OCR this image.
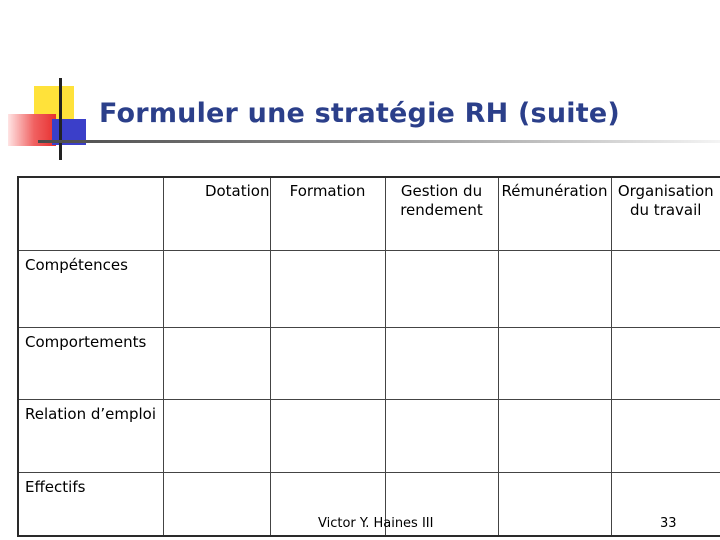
Formuler une stratégie RH (suite)
	Dotation	Formation	Gestion du rendement	Rémunération	Organisation du travail
Compétences					
Comportements					
Relation d’emploi					
Effectifs					
Victor Y. Haines III	33
